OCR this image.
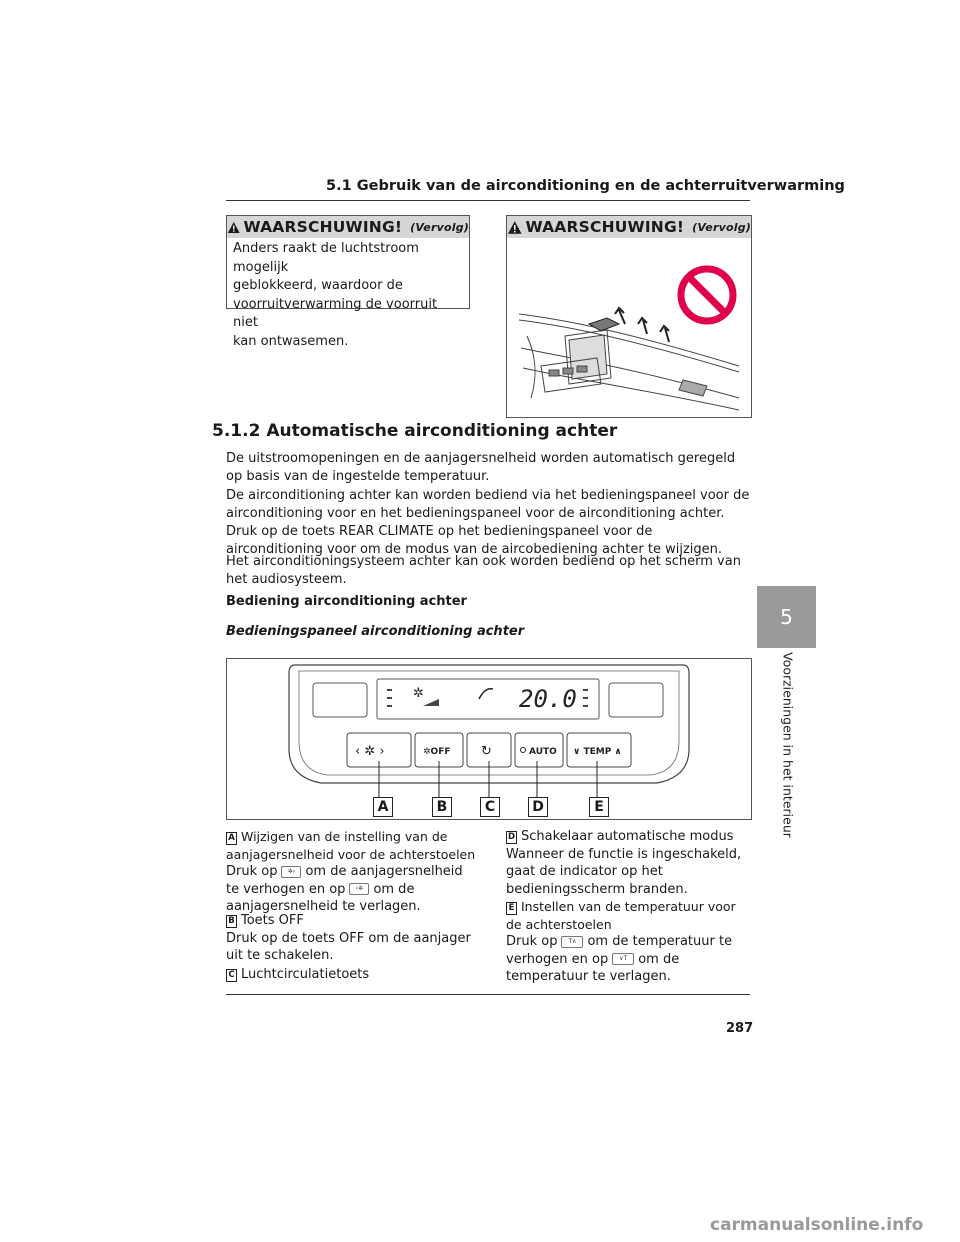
5.1 Gebruik van de airconditioning en de achterruitverwarming
WAARSCHUWING! (Vervolg)
Anders raakt de luchtstroom mogelijk
geblokkeerd, waardoor de
voorruitverwarming de voorruit niet
kan ontwasemen.
WAARSCHUWING! (Vervolg)
5.1.2 Automatische airconditioning achter
De uitstroomopeningen en de aanjagersnelheid worden automatisch geregeld op basis van de ingestelde temperatuur.
De airconditioning achter kan worden bediend via het bedieningspaneel voor de airconditioning voor en het bedieningspaneel voor de airconditioning achter. Druk op de toets REAR CLIMATE op het bedieningspaneel voor de airconditioning voor om de modus van de aircobediening achter te wijzigen.
Het airconditioningsysteem achter kan ook worden bediend op het scherm van het audiosysteem.
Bediening airconditioning achter
Bedieningspaneel airconditioning achter
✲	20.0
‹ ✲ ›	✲OFF ↻	AUTO ∨ TEMP ∧
A	B	C	D	E
A Wijzigen van de instelling van de aanjagersnelheid voor de achterstoelen
Druk op ✲› om de aanjagersnelheid te verhogen en op ‹✲ om de aanjagersnelheid te verlagen.
B Toets OFF
Druk op de toets OFF om de aanjager uit te schakelen.
C Luchtcirculatietoets
D Schakelaar automatische modus
Wanneer de functie is ingeschakeld, gaat de indicator op het bedieningsscherm branden.
E Instellen van de temperatuur voor de achterstoelen
Druk op T∧ om de temperatuur te verhogen en op ∨T om de temperatuur te verlagen.
287
5
Voorzieningen in het interieur
carmanualsonline.info
